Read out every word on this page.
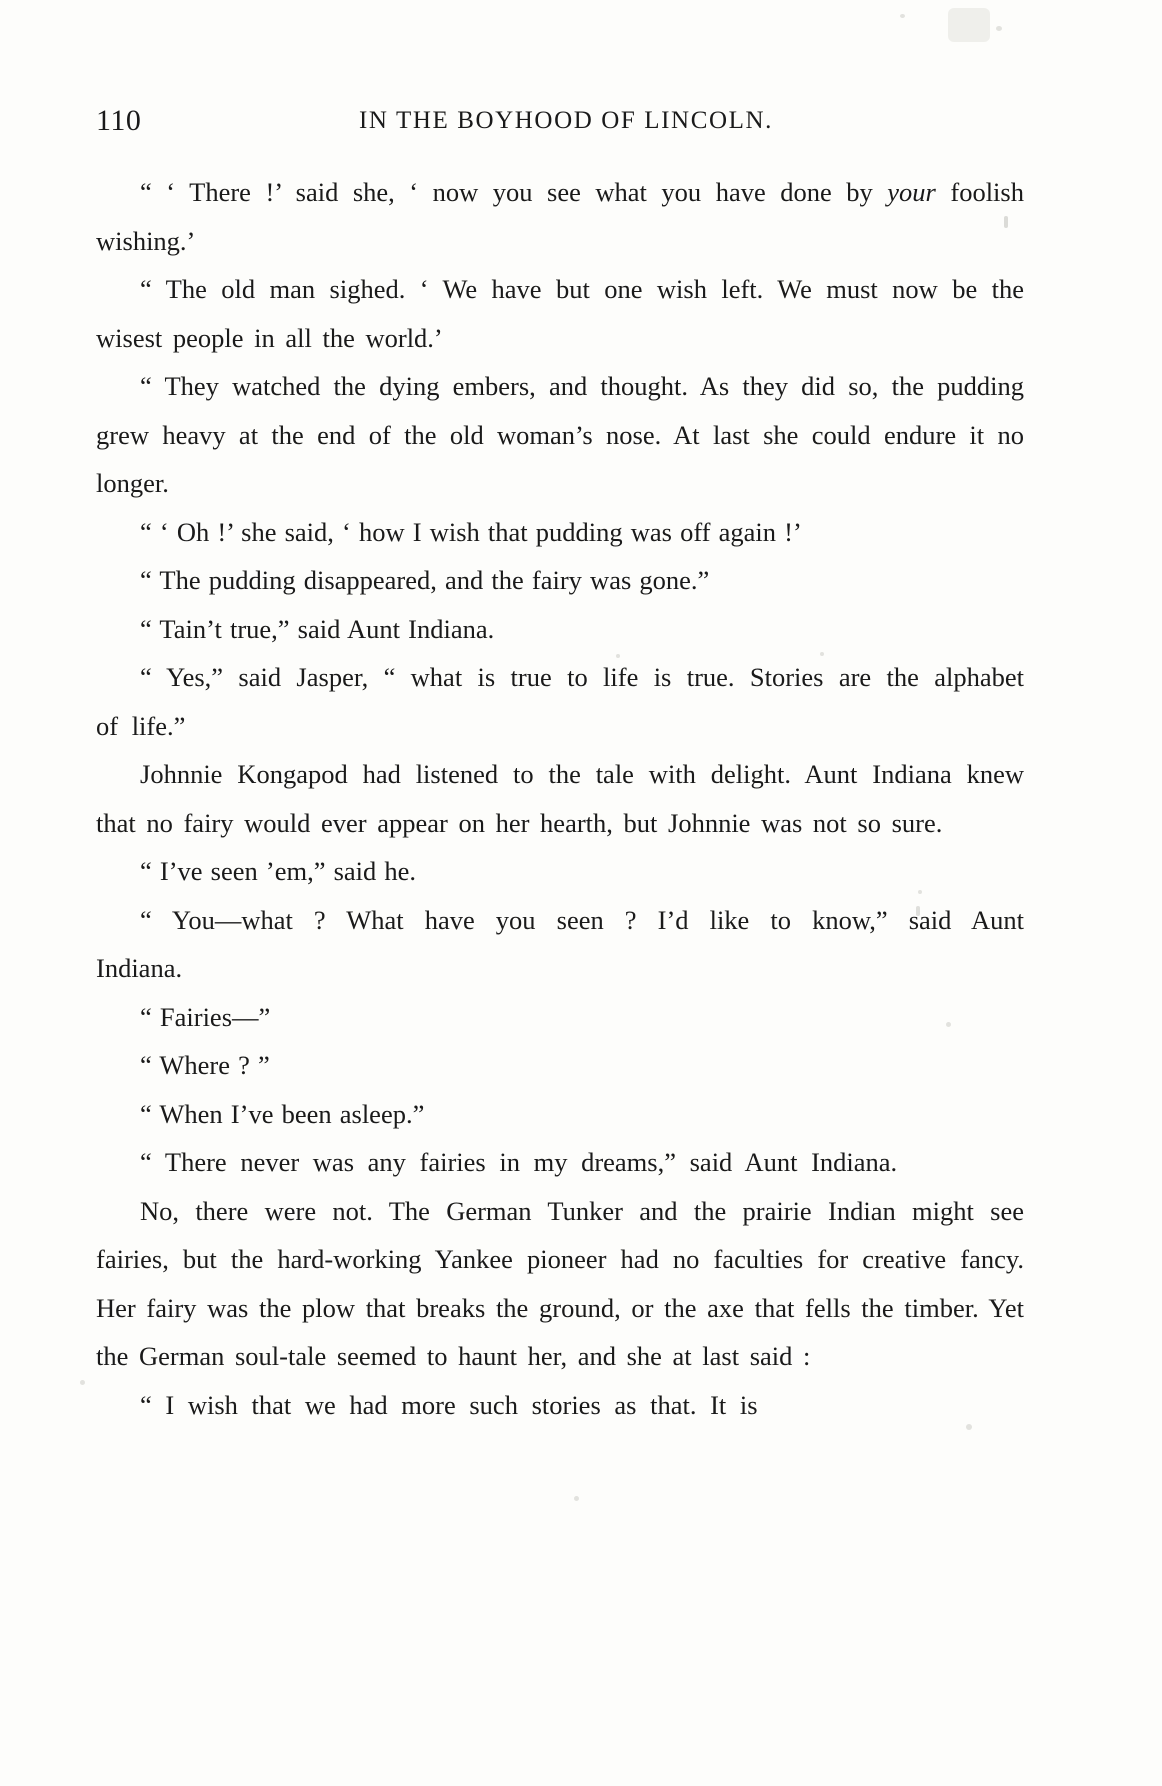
110	IN THE BOYHOOD OF LINCOLN.

“ ‘ There !’ said she, ‘ now you see what you have done by your foolish wishing.’

“ The old man sighed. ‘ We have but one wish left. We must now be the wisest people in all the world.’

“ They watched the dying embers, and thought. As they did so, the pudding grew heavy at the end of the old woman’s nose. At last she could endure it no longer.

“ ‘ Oh !’ she said, ‘ how I wish that pudding was off again !’

“ The pudding disappeared, and the fairy was gone.”

“ Tain’t true,” said Aunt Indiana.

“ Yes,” said Jasper, “ what is true to life is true. Stories are the alphabet of life.”

Johnnie Kongapod had listened to the tale with delight. Aunt Indiana knew that no fairy would ever appear on her hearth, but Johnnie was not so sure.

“ I’ve seen ’em,” said he.

“ You—what ? What have you seen ? I’d like to know,” said Aunt Indiana.

“ Fairies—”

“ Where ? ”

“ When I’ve been asleep.”

“ There never was any fairies in my dreams,” said Aunt Indiana.

No, there were not. The German Tunker and the prairie Indian might see fairies, but the hard-working Yankee pioneer had no faculties for creative fancy. Her fairy was the plow that breaks the ground, or the axe that fells the timber. Yet the German soul-tale seemed to haunt her, and she at last said :

“ I wish that we had more such stories as that. It is
